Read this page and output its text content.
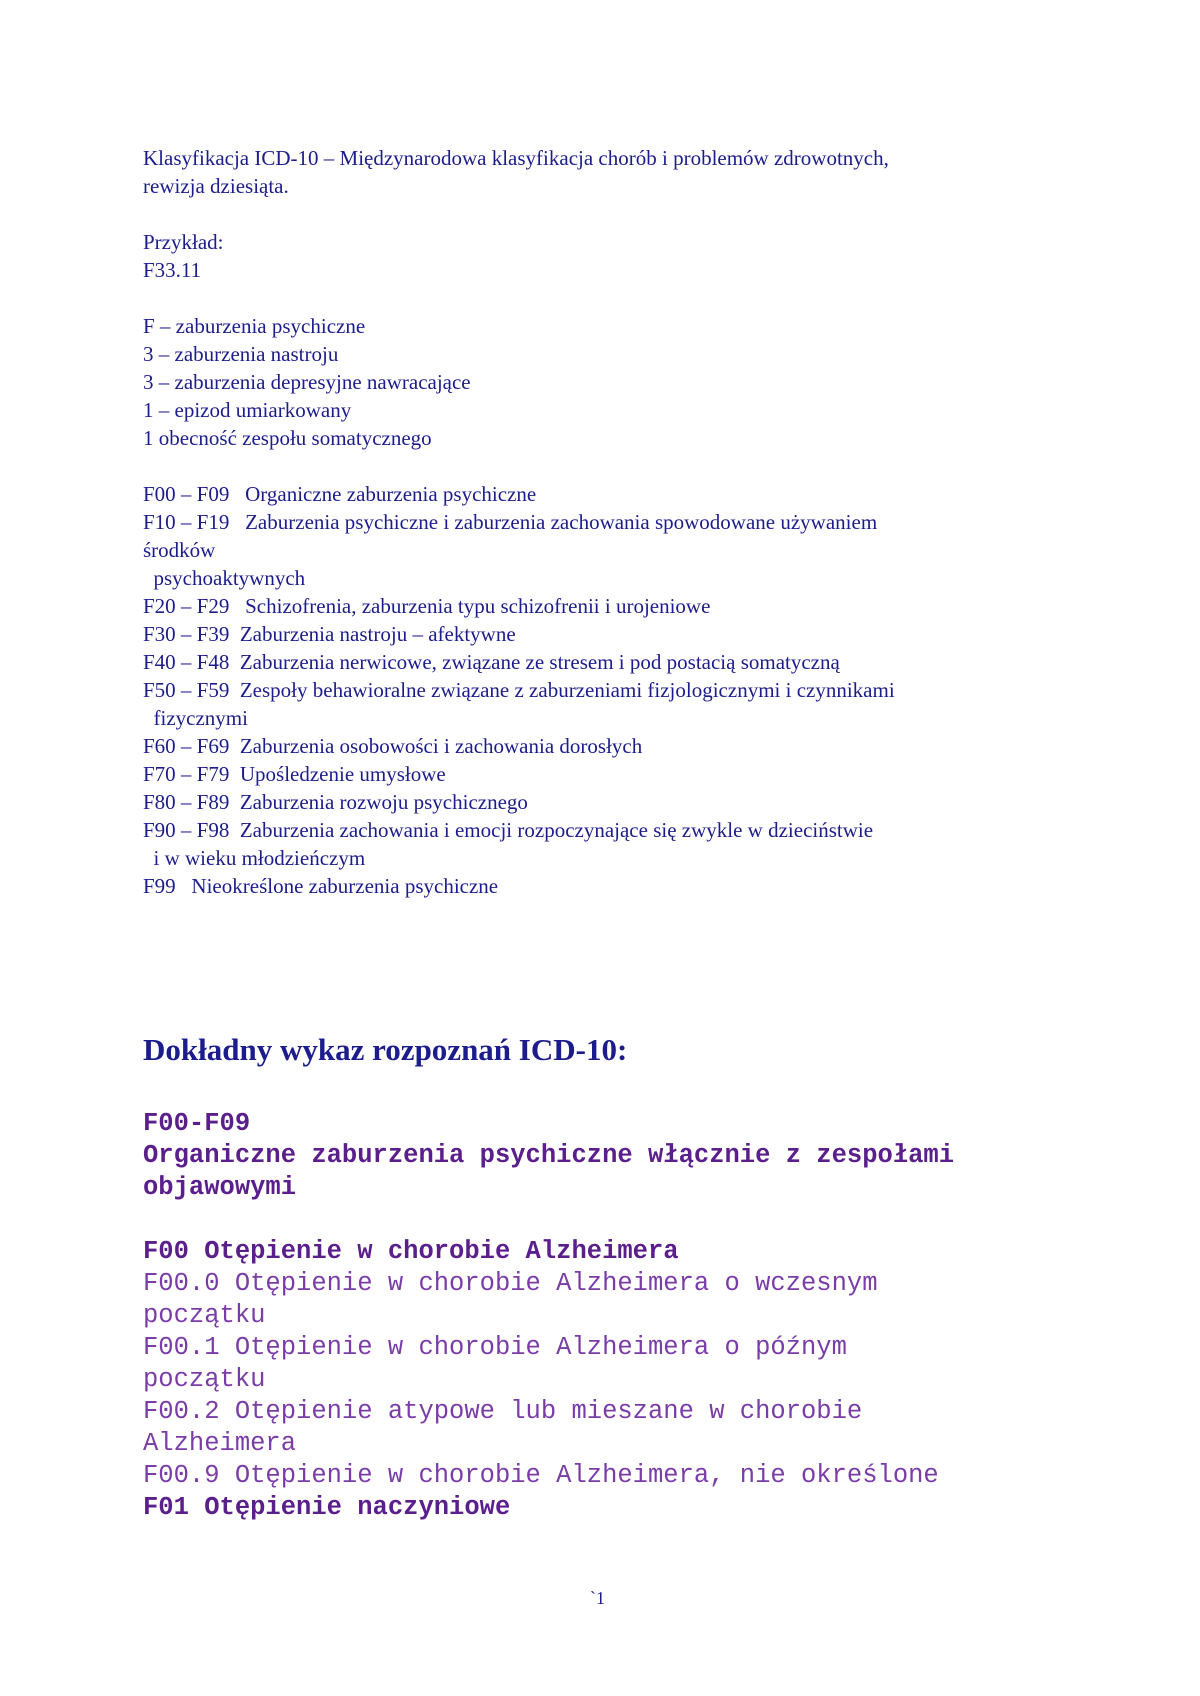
Klasyfikacja ICD-10 – Międzynarodowa klasyfikacja chorób i problemów zdrowotnych,
rewizja dziesiąta.
Przykład:
F33.11
F – zaburzenia psychiczne
3 – zaburzenia nastroju
3 – zaburzenia depresyjne nawracające
1 – epizod umiarkowany
1 obecność zespołu somatycznego
F00 – F09   Organiczne zaburzenia psychiczne
F10 – F19   Zaburzenia psychiczne i zaburzenia zachowania spowodowane używaniem
środków
psychoaktywnych
F20 – F29   Schizofrenia, zaburzenia typu schizofrenii i urojeniowe
F30 – F39  Zaburzenia nastroju – afektywne
F40 – F48  Zaburzenia nerwicowe, związane ze stresem i pod postacią somatyczną
F50 – F59  Zespoły behawioralne związane z zaburzeniami fizjologicznymi i czynnikami
fizycznymi
F60 – F69  Zaburzenia osobowości i zachowania dorosłych
F70 – F79  Upośledzenie umysłowe
F80 – F89  Zaburzenia rozwoju psychicznego
F90 – F98  Zaburzenia zachowania i emocji rozpoczynające się zwykle w dzieciństwie
i w wieku młodzieńczym
F99   Nieokreślone zaburzenia psychiczne
Dokładny wykaz rozpoznań ICD-10:
F00-F09
Organiczne zaburzenia psychiczne włącznie z zespołami
objawowymi
F00 Otępienie w chorobie Alzheimera
F00.0 Otępienie w chorobie Alzheimera o wczesnym
początku
F00.1 Otępienie w chorobie Alzheimera o późnym
początku
F00.2 Otępienie atypowe lub mieszane w chorobie
Alzheimera
F00.9 Otępienie w chorobie Alzheimera, nie określone
F01 Otępienie naczyniowe
`1
